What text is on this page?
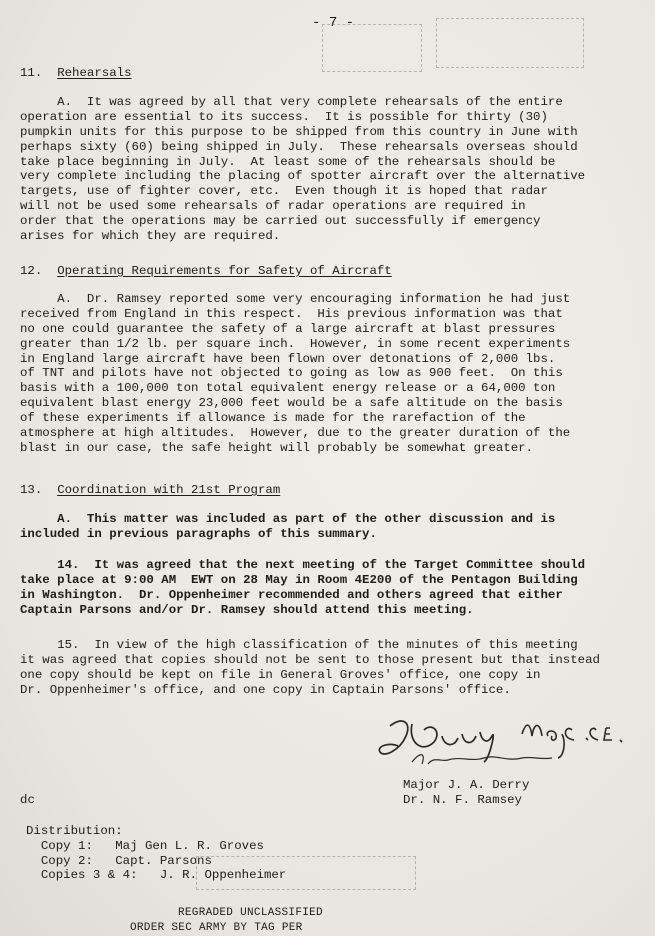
- 7 -
11. Rehearsals
A.  It was agreed by all that very complete rehearsals of the entire
operation are essential to its success.  It is possible for thirty (30)
pumpkin units for this purpose to be shipped from this country in June with
perhaps sixty (60) being shipped in July.  These rehearsals overseas should
take place beginning in July.  At least some of the rehearsals should be
very complete including the placing of spotter aircraft over the alternative
targets, use of fighter cover, etc.  Even though it is hoped that radar
will not be used some rehearsals of radar operations are required in
order that the operations may be carried out successfully if emergency
arises for which they are required.
12. Operating Requirements for Safety of Aircraft
A.  Dr. Ramsey reported some very encouraging information he had just
received from England in this respect.  His previous information was that
no one could guarantee the safety of a large aircraft at blast pressures
greater than 1/2 lb. per square inch.  However, in some recent experiments
in England large aircraft have been flown over detonations of 2,000 lbs.
of TNT and pilots have not objected to going as low as 900 feet.  On this
basis with a 100,000 ton total equivalent energy release or a 64,000 ton
equivalent blast energy 23,000 feet would be a safe altitude on the basis
of these experiments if allowance is made for the rarefaction of the
atmosphere at high altitudes.  However, due to the greater duration of the
blast in our case, the safe height will probably be somewhat greater.
13. Coordination with 21st Program
A.  This matter was included as part of the other discussion and is
included in previous paragraphs of this summary.
14.  It was agreed that the next meeting of the Target Committee should
take place at 9:00 AM  EWT on 28 May in Room 4E200 of the Pentagon Building
in Washington.  Dr. Oppenheimer recommended and others agreed that either
Captain Parsons and/or Dr. Ramsey should attend this meeting.
15.  In view of the high classification of the minutes of this meeting
it was agreed that copies should not be sent to those present but that instead
one copy should be kept on file in General Groves' office, one copy in
Dr. Oppenheimer's office, and one copy in Captain Parsons' office.
Major J. A. Derry
Dr. N. F. Ramsey
dc
Distribution:
Copy 1:   Maj Gen L. R. Groves
Copy 2:   Capt. Parsons
Copies 3 & 4:   J. R. Oppenheimer
REGRADED UNCLASSIFIED
ORDER SEC ARMY BY TAG PER
